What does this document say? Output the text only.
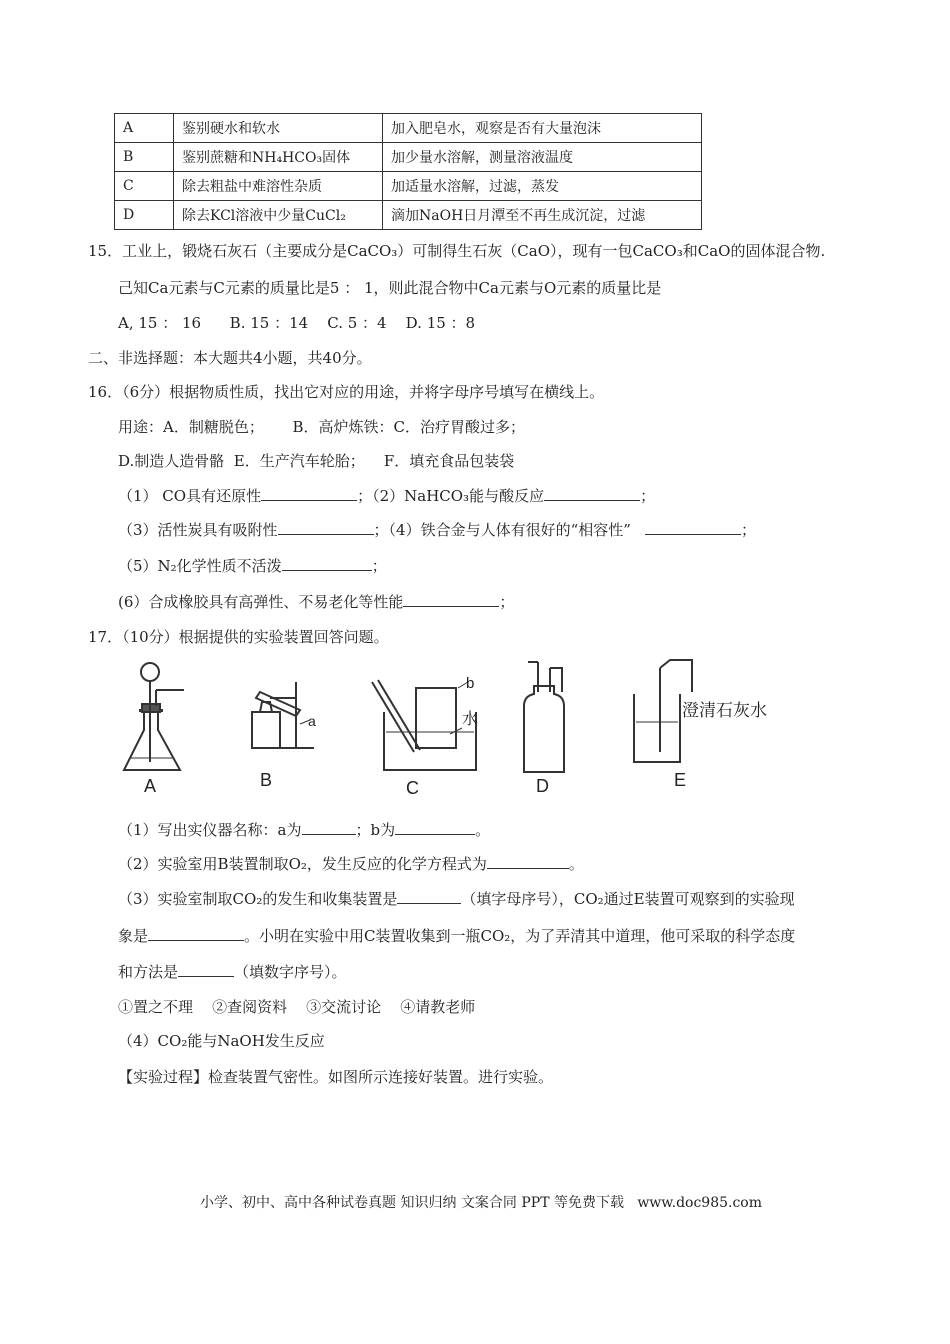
A	鉴别硬水和软水	加入肥皂水，观察是否有大量泡沫
B	鉴别蔗糖和NH₄HCO₃固体	加少量水溶解，测量溶液温度
C	除去粗盐中难溶性杂质	加适量水溶解，过滤，蒸发
D	除去KCl溶液中少量CuCl₂	滴加NaOH日月潭至不再生成沉淀，过滤
15．工业上，锻烧石灰石（主要成分是CaCO₃）可制得生石灰（CaO），现有一包CaCO₃和CaO的固体混合物.
己知Ca元素与C元素的质量比是5 ： 1，则此混合物中Ca元素与O元素的质量比是
A, 15 ： 16      B. 15 ：14    C. 5 ：4    D. 15 ：8
二、非选择题：本大题共4小题，共40分。
16．（6分）根据物质性质，找出它对应的用途，并将字母序号填写在横线上。
用途：A．制糖脱色；      B．高炉炼铁：C．治疗胃酸过多；
D.制造人造骨骼  E．生产汽车轮胎；    F．填充食品包装袋
（1） CO具有还原性	；（2）NaHCO₃能与酸反应	；
（3）活性炭具有吸附性	；（4）铁合金与人体有很好的“相容性”	；
（5）N₂化学性质不活泼	；
(6）合成橡胶具有高弹性、不易老化等性能	；
17．（10分）根据提供的实验装置回答问题。
A	B	C	D	E
a
b
水	澄清石灰水
（1）写出实仪器名称：a为	；b为	。
（2）实验室用B装置制取O₂，发生反应的化学方程式为	。
（3）实验室制取CO₂的发生和收集装置是	（填字母序号），CO₂通过E装置可观察到的实验现
象是	。小明在实验中用C装置收集到一瓶CO₂，为了弄清其中道理，他可采取的科学态度
和方法是	（填数字序号）。
①置之不理    ②查阅资料    ③交流讨论    ④请教老师
（4）CO₂能与NaOH发生反应
【实验过程】检查装置气密性。如图所示连接好装置。进行实验。
小学、初中、高中各种试卷真题 知识归纳 文案合同 PPT 等免费下载   www.doc985.com
